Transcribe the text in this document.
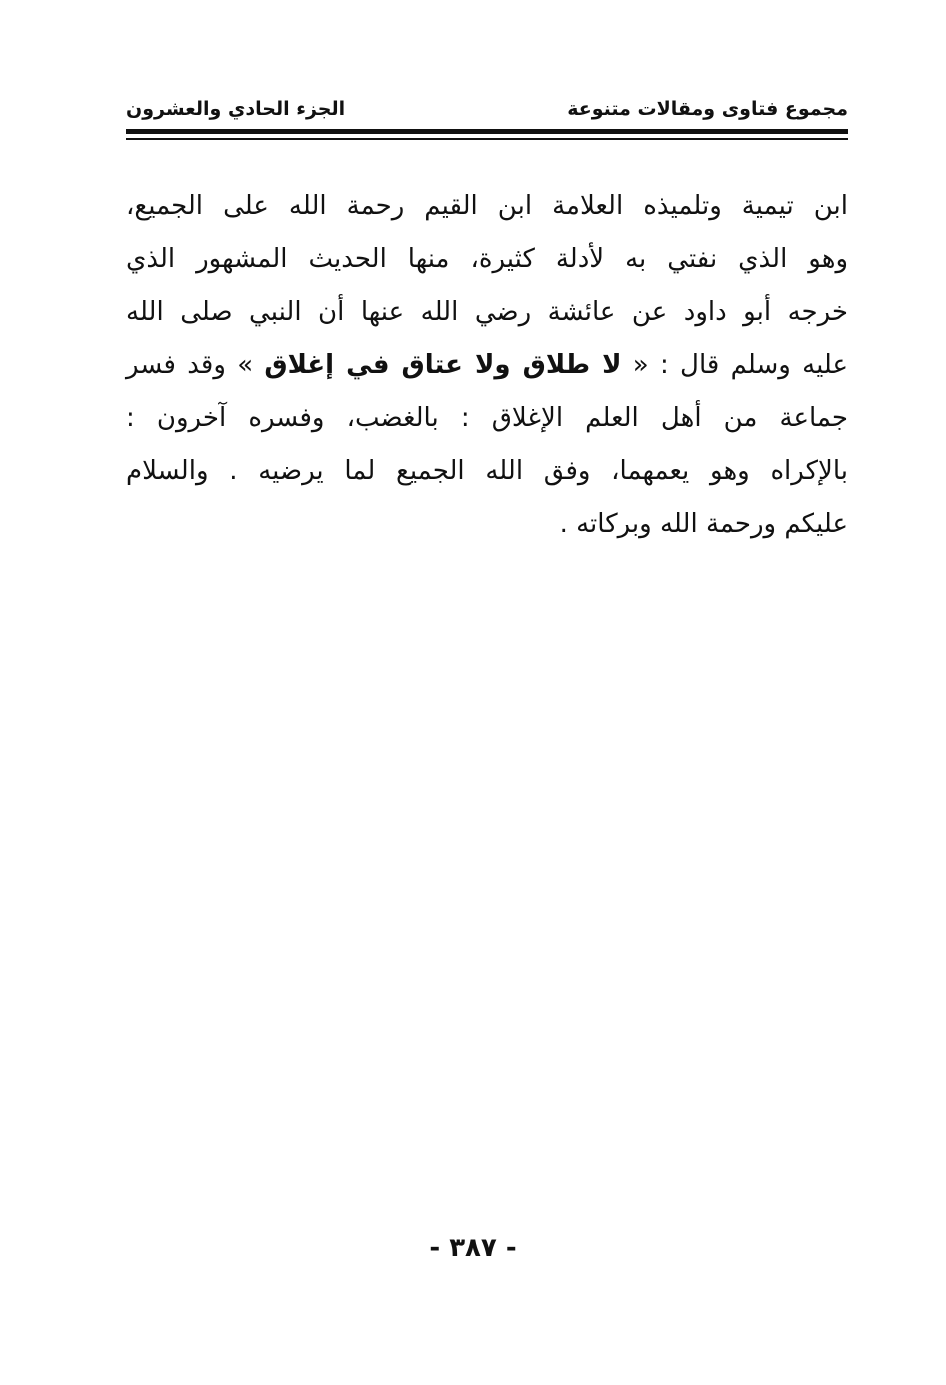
مجموع فتاوى ومقالات متنوعة
الجزء الحادي والعشرون
ابن تيمية وتلميذه العلامة ابن القيم رحمة الله على الجميع،
وهو الذي نفتي به لأدلة كثيرة، منها الحديث المشهور الذي
خرجه أبو داود عن عائشة رضي الله عنها أن النبي صلى الله
عليه وسلم قال : « لا طلاق ولا عتاق في إغلاق » وقد فسر
جماعة من أهل العلم الإغلاق : بالغضب، وفسره آخرون :
بالإكراه وهو يعمهما، وفق الله الجميع لما يرضيه . والسلام
عليكم ورحمة الله وبركاته .
- ٣٨٧ -
